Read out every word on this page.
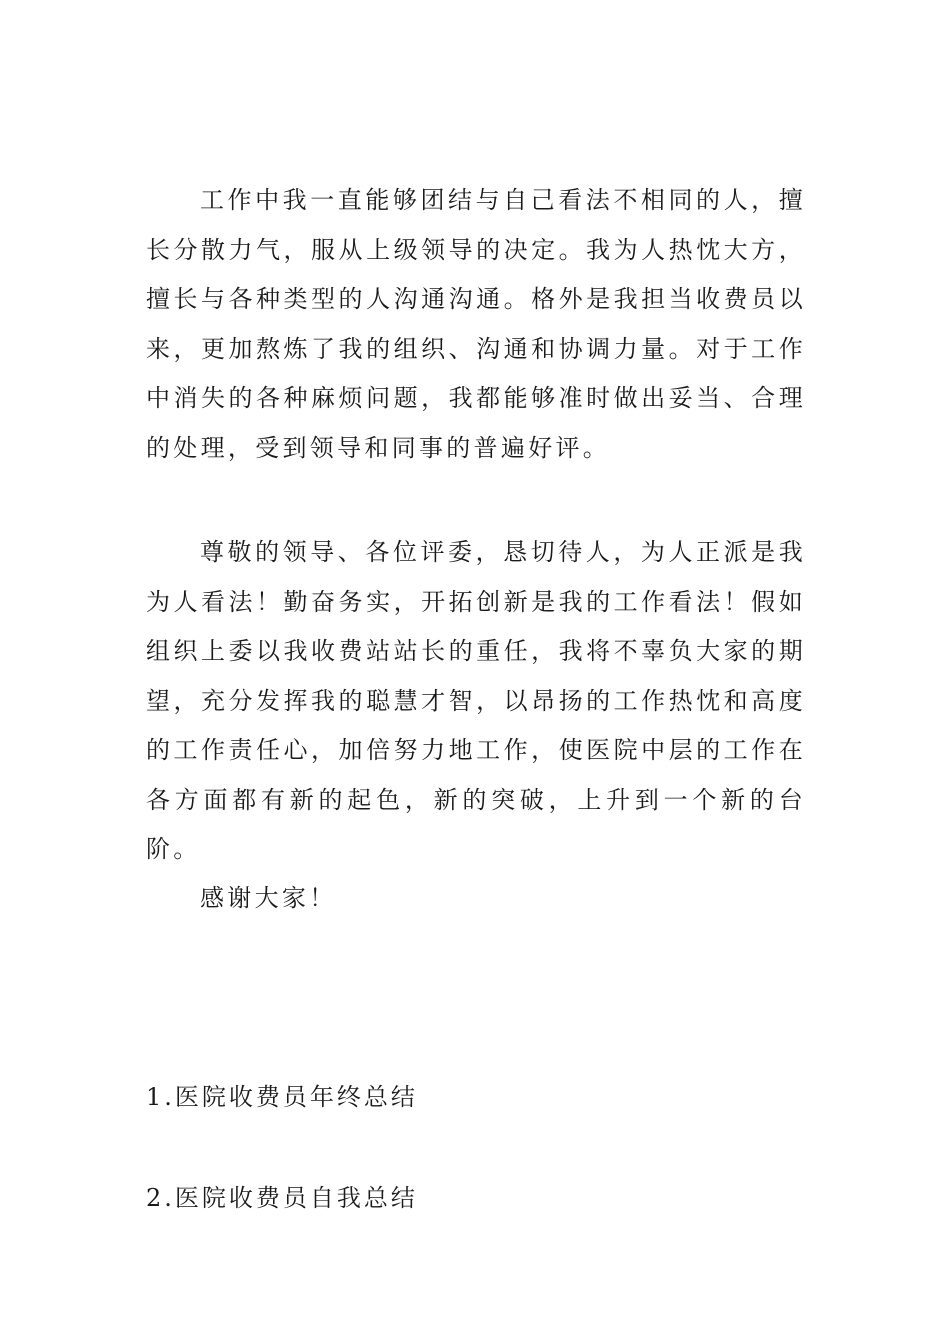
工作中我一直能够团结与自己看法不相同的人，擅长分散力气，服从上级领导的决定。我为人热忱大方，擅长与各种类型的人沟通沟通。格外是我担当收费员以来，更加熬炼了我的组织、沟通和协调力量。对于工作中消失的各种麻烦问题，我都能够准时做出妥当、合理的处理，受到领导和同事的普遍好评。

尊敬的领导、各位评委，恳切待人，为人正派是我为人看法！勤奋务实，开拓创新是我的工作看法！假如组织上委以我收费站站长的重任，我将不辜负大家的期望，充分发挥我的聪慧才智，以昂扬的工作热忱和高度的工作责任心，加倍努力地工作，使医院中层的工作在各方面都有新的起色，新的突破，上升到一个新的台阶。

感谢大家！

1.医院收费员年终总结

2.医院收费员自我总结
